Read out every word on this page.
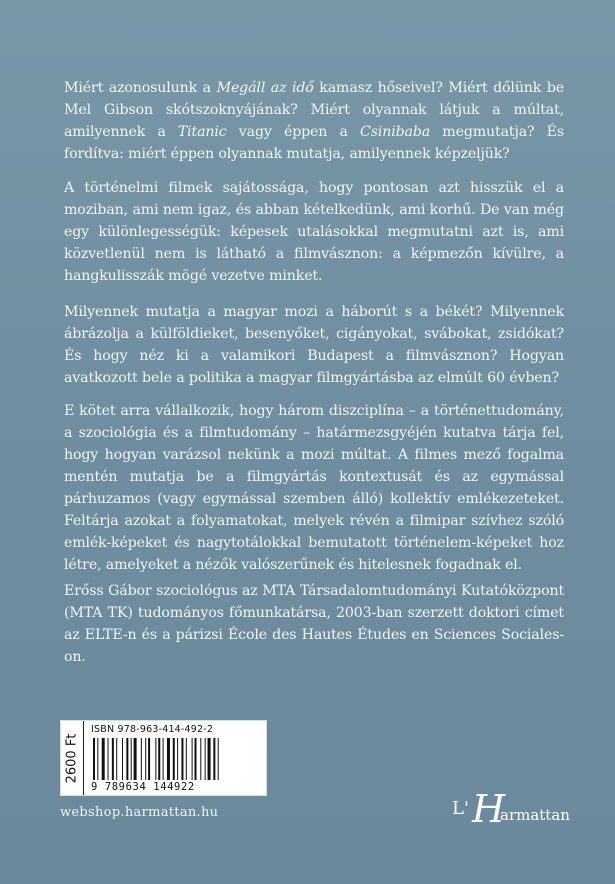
Miért azonosulunk a Megáll az idő kamasz hőseivel? Miért dőlünk be Mel Gibson skótszoknyájának? Miért olyannak látjuk a múltat, amilyennek a Titanic vagy éppen a Csinibaba megmutatja? És fordítva: miért éppen olyannak mutatja, amilyennek képzeljük?

A történelmi filmek sajátossága, hogy pontosan azt hisszük el a moziban, ami nem igaz, és abban kételkedünk, ami korhű. De van még egy különlegességük: képesek utalásokkal megmutatni azt is, ami közvetlenül nem is látható a filmvásznon: a képmezőn kívülre, a hangkulisszák mögé vezetve minket.

Milyennek mutatja a magyar mozi a háborút s a békét? Milyennek ábrázolja a külföldieket, besenyőket, cigányokat, svábokat, zsidókat? És hogy néz ki a valamikori Budapest a filmvásznon? Hogyan avatkozott bele a politika a magyar filmgyártásba az elmúlt 60 évben?

E kötet arra vállalkozik, hogy három diszciplína – a történettudomány, a szociológia és a filmtudomány – határmezsgyéjén kutatva tárja fel, hogy hogyan varázsol nekünk a mozi múltat. A filmes mező fogalma mentén mutatja be a filmgyártás kontextusát és az egymással párhuzamos (vagy egymással szemben álló) kollektív emlékezeteket. Feltárja azokat a folyamatokat, melyek révén a filmipar szívhez szóló emlék-képeket és nagytotálokkal bemutatott történelem-képeket hoz létre, amelyeket a nézők valószerűnek és hitelesnek fogadnak el.

Erőss Gábor szociológus az MTA Társadalomtudományi Kutatóközpont (MTA TK) tudományos főmunkatársa, 2003-ban szerzett doktori címet az ELTE-n és a párizsi École des Hautes Études en Sciences Sociales-on.

2600 Ft
ISBN 978-963-414-492-2
9 789634 144922
webshop.harmattan.hu	L' H
armattan
